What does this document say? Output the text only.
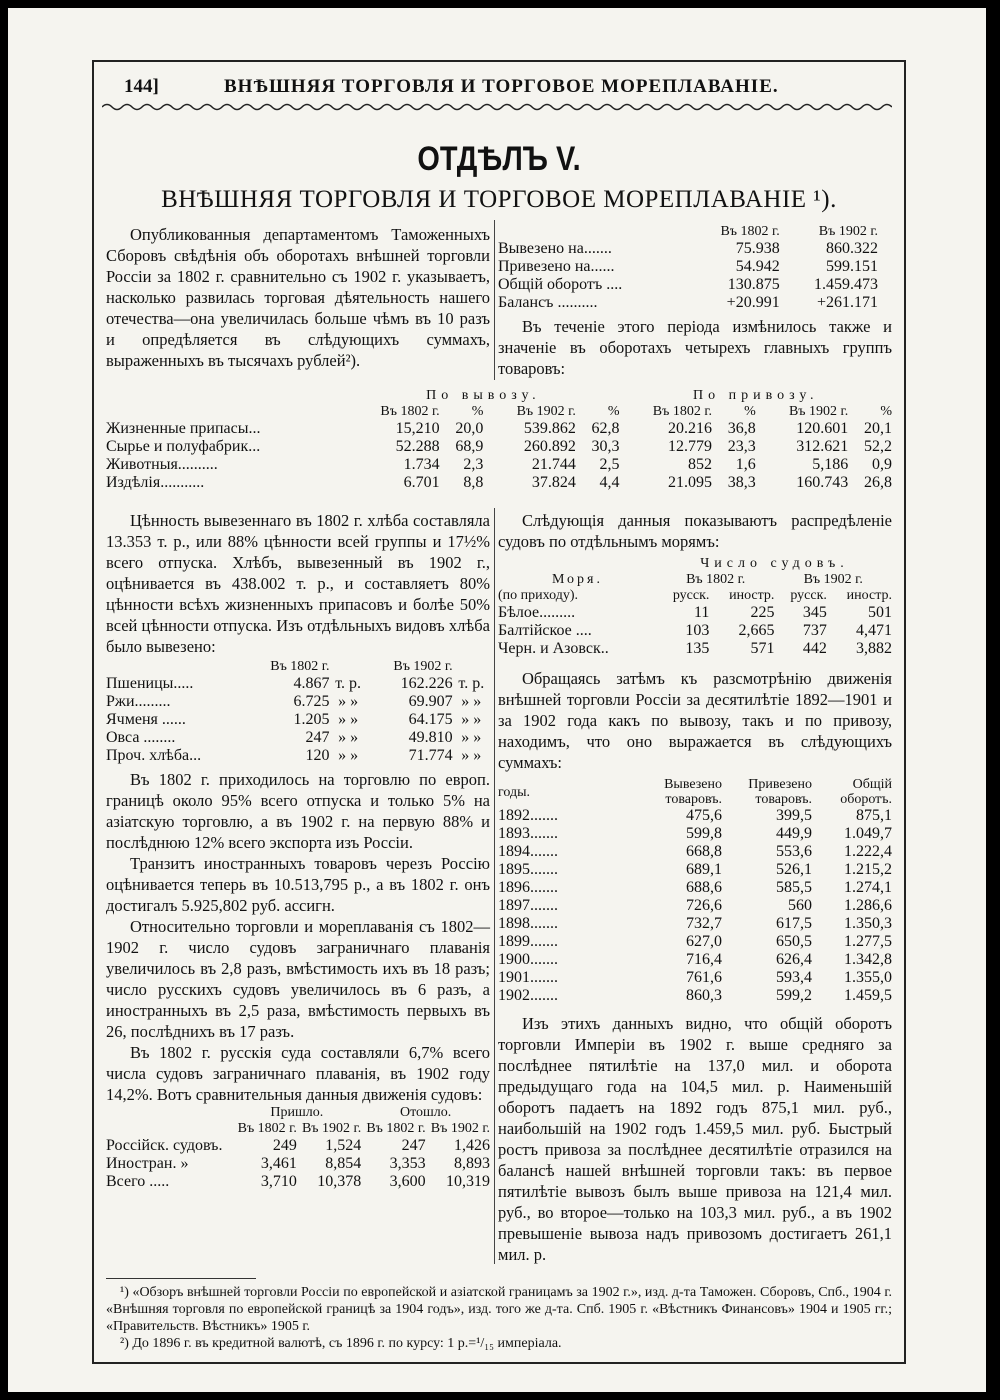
144]	ВНѢШНЯЯ ТОРГОВЛЯ И ТОРГОВОЕ МОРЕПЛАВАНІЕ.
ОТДѢЛЪ V.
ВНѢШНЯЯ ТОРГОВЛЯ И ТОРГОВОЕ МОРЕПЛАВАНІЕ ¹).

Опубликованныя департаментомъ Таможенныхъ Сборовъ свѣдѣнія объ оборотахъ внѣшней торговли Россіи за 1802 г. сравнительно съ 1902 г. указываетъ, насколько развилась торговая дѣятельность нашего отечества—она увеличилась больше чѣмъ въ 10 разъ и опредѣляется въ слѣдующихъ суммахъ, выраженныхъ въ тысячахъ рублей²).

	Въ 1802 г.	Въ 1902 г.
Вывезено на.......	75.938	860.322
Привезено на......	54.942	599.151
Общій оборотъ ....	130.875	1.459.473
Балансъ ..........	+20.991	+261.171

Въ теченіе этого періода измѣнилось также и значеніе въ оборотахъ четырехъ главныхъ группъ товаровъ:

	По вывозу.				По привозу.			
	Въ 1802 г.	%	Въ 1902 г.	%	Въ 1802 г.	%	Въ 1902 г.	%
Жизненные припасы...	15,210	20,0	539.862	62,8	20.216	36,8	120.601	20,1
Сырье и полуфабрик...	52.288	68,9	260.892	30,3	12.779	23,3	312.621	52,2
Животныя..........	1.734	2,3	21.744	2,5	852	1,6	5,186	0,9
Издѣлія...........	6.701	8,8	37.824	4,4	21.095	38,3	160.743	26,8

Цѣнность вывезеннаго въ 1802 г. хлѣба составляла 13.353 т. р., или 88% цѣнности всей группы и 17½% всего отпуска. Хлѣбъ, вывезенный въ 1902 г., оцѣнивается въ 438.002 т. р., и составляетъ 80% цѣнности всѣхъ жизненныхъ припасовъ и болѣе 50% всей цѣнности отпуска. Изъ отдѣльныхъ видовъ хлѣба было вывезено:

	Въ 1802 г.		Въ 1902 г.	
Пшеницы.....	4.867	т. р.	162.226	т. р.
Ржи.........	6.725	» »	69.907	» »
Ячменя ......	1.205	» »	64.175	» »
Овса ........	247	» »	49.810	» »
Проч. хлѣба...	120	» »	71.774	» »

Въ 1802 г. приходилось на торговлю по европ. границѣ около 95% всего отпуска и только 5% на азіатскую торговлю, а въ 1902 г. на первую 88% и послѣднюю 12% всего экспорта изъ Россіи.

Транзитъ иностранныхъ товаровъ черезъ Россію оцѣнивается теперь въ 10.513,795 р., а въ 1802 г. онъ достигалъ 5.925,802 руб. ассигн.

Относительно торговли и мореплаванія съ 1802—1902 г. число судовъ заграничнаго плаванія увеличилось въ 2,8 разъ, вмѣстимость ихъ въ 18 разъ; число русскихъ судовъ увеличилось въ 6 разъ, а иностранныхъ въ 2,5 раза, вмѣстимость первыхъ въ 26, послѣднихъ въ 17 разъ.

Въ 1802 г. русскія суда составляли 6,7% всего числа судовъ заграничнаго плаванія, въ 1902 году 14,2%. Вотъ сравнительныя данныя движенія судовъ:

	Пришло.		Отошло.	
	Въ 1802 г.	Въ 1902 г.	Въ 1802 г.	Въ 1902 г.
Россійск. судовъ.	249	1,524	247	1,426
Иностран. »	3,461	8,854	3,353	8,893
Всего .....	3,710	10,378	3,600	10,319

Слѣдующія данныя показываютъ распредѣленіе судовъ по отдѣльнымъ морямъ:

	Число судовъ.			
Моря.	Въ 1802 г.		Въ 1902 г.	
(по приходу).	русск.	иностр.	русск.	иностр.
Бѣлое.........	11	225	345	501
Балтійское ....	103	2,665	737	4,471
Черн. и Азовск..	135	571	442	3,882

Обращаясь затѣмъ къ разсмотрѣнію движенія внѣшней торговли Россіи за десятилѣтіе 1892—1901 и за 1902 года какъ по вывозу, такъ и по привозу, находимъ, что оно выражается въ слѣдующихъ суммахъ:

годы.	Вывезено товаровъ.	Привезено товаровъ.	Общій оборотъ.
1892.......	475,6	399,5	875,1
1893.......	599,8	449,9	1.049,7
1894.......	668,8	553,6	1.222,4
1895.......	689,1	526,1	1.215,2
1896.......	688,6	585,5	1.274,1
1897.......	726,6	560	1.286,6
1898.......	732,7	617,5	1.350,3
1899.......	627,0	650,5	1.277,5
1900.......	716,4	626,4	1.342,8
1901.......	761,6	593,4	1.355,0
1902.......	860,3	599,2	1.459,5

Изъ этихъ данныхъ видно, что общій оборотъ торговли Имперіи въ 1902 г. выше средняго за послѣднее пятилѣтіе на 137,0 мил. и оборота предыдущаго года на 104,5 мил. р. Наименьшій оборотъ падаетъ на 1892 годъ 875,1 мил. руб., наибольшій на 1902 годъ 1.459,5 мил. руб. Быстрый ростъ привоза за послѣднее десятилѣтіе отразился на балансѣ нашей внѣшней торговли такъ: въ первое пятилѣтіе вывозъ былъ выше привоза на 121,4 мил. руб., во второе—только на 103,3 мил. руб., а въ 1902 превышеніе вывоза надъ привозомъ достигаетъ 261,1 мил. р.

¹) «Обзоръ внѣшней торговли Россіи по европейской и азіатской границамъ за 1902 г.», изд. д-та Таможен. Сборовъ, Спб., 1904 г. «Внѣшняя торговля по европейской границѣ за 1904 годъ», изд. того же д-та. Спб. 1905 г. «Вѣстникъ Финансовъ» 1904 и 1905 гг.; «Правительств. Вѣстникъ» 1905 г.

²) До 1896 г. въ кредитной валютѣ, съ 1896 г. по курсу: 1 р.=¹/₁₅ имперіала.
